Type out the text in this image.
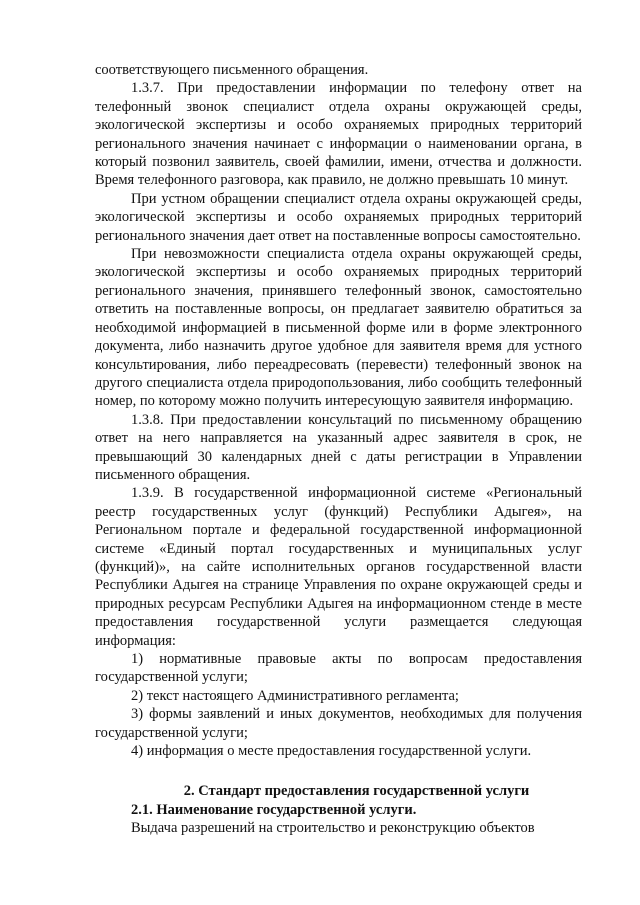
соответствующего письменного обращения.

1.3.7. При предоставлении информации по телефону ответ на телефонный звонок специалист отдела охраны окружающей среды, экологической экспертизы и особо охраняемых природных территорий регионального значения начинает с информации о наименовании органа, в который позвонил заявитель, своей фамилии, имени, отчества и должности. Время телефонного разговора, как правило, не должно превышать 10 минут.

При устном обращении специалист отдела охраны окружающей среды, экологической экспертизы и особо охраняемых природных территорий регионального значения дает ответ на поставленные вопросы самостоятельно.

При невозможности специалиста отдела охраны окружающей среды, экологической экспертизы и особо охраняемых природных территорий регионального значения, принявшего телефонный звонок, самостоятельно ответить на поставленные вопросы, он предлагает заявителю обратиться за необходимой информацией в письменной форме или в форме электронного документа, либо назначить другое удобное для заявителя время для устного консультирования, либо переадресовать (перевести) телефонный звонок на другого специалиста отдела природопользования, либо сообщить телефонный номер, по которому можно получить интересующую заявителя информацию.

1.3.8. При предоставлении консультаций по письменному обращению ответ на него направляется на указанный адрес заявителя в срок, не превышающий 30 календарных дней с даты регистрации в Управлении письменного обращения.

1.3.9. В государственной информационной системе «Региональный реестр государственных услуг (функций) Республики Адыгея», на Региональном портале и федеральной государственной информационной системе «Единый портал государственных и муниципальных услуг (функций)», на сайте исполнительных органов государственной власти Республики Адыгея на странице Управления по охране окружающей среды и природных ресурсам Республики Адыгея на информационном стенде в месте предоставления государственной услуги размещается следующая информация:

1) нормативные правовые акты по вопросам предоставления государственной услуги;

2) текст настоящего Административного регламента;

3) формы заявлений и иных документов, необходимых для получения государственной услуги;

4) информация о месте предоставления государственной услуги.

2. Стандарт предоставления государственной услуги

2.1. Наименование государственной услуги.

Выдача разрешений на строительство и реконструкцию объектов
